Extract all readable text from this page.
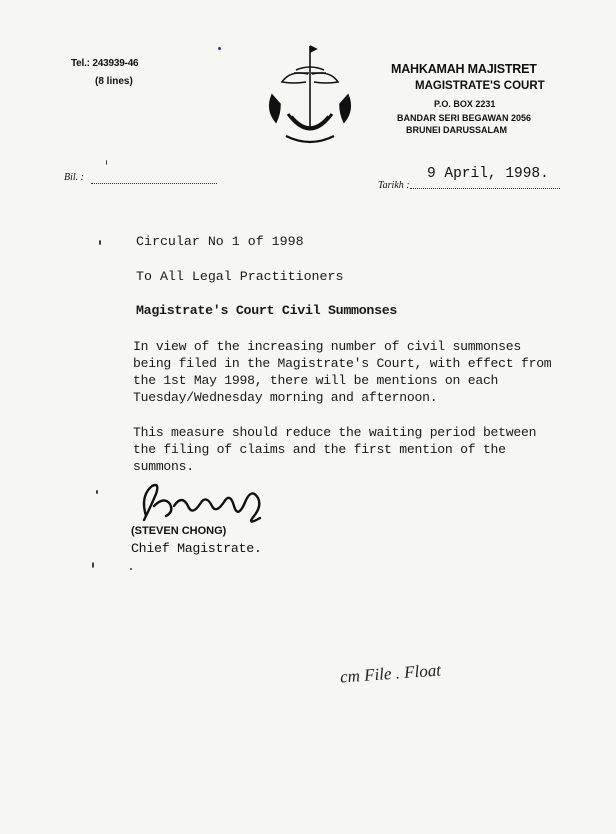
Tel.: 243939-46
(8 lines)
MAHKAMAH MAJISTRET
MAGISTRATE'S COURT
P.O. BOX 2231
BANDAR SERI BEGAWAN 2056
BRUNEI DARUSSALAM
Bil. :
Tarikh :
9 April, 1998.
Circular No 1 of 1998
To All Legal Practitioners
Magistrate's Court Civil Summonses
In view of the increasing number of civil summonses being filed in the Magistrate's Court, with effect from the 1st May 1998, there will be mentions on each Tuesday/Wednesday morning and afternoon.
This measure should reduce the waiting period between the filing of claims and the first mention of the summons.
(STEVEN CHONG)
Chief Magistrate.
cm File . Float
